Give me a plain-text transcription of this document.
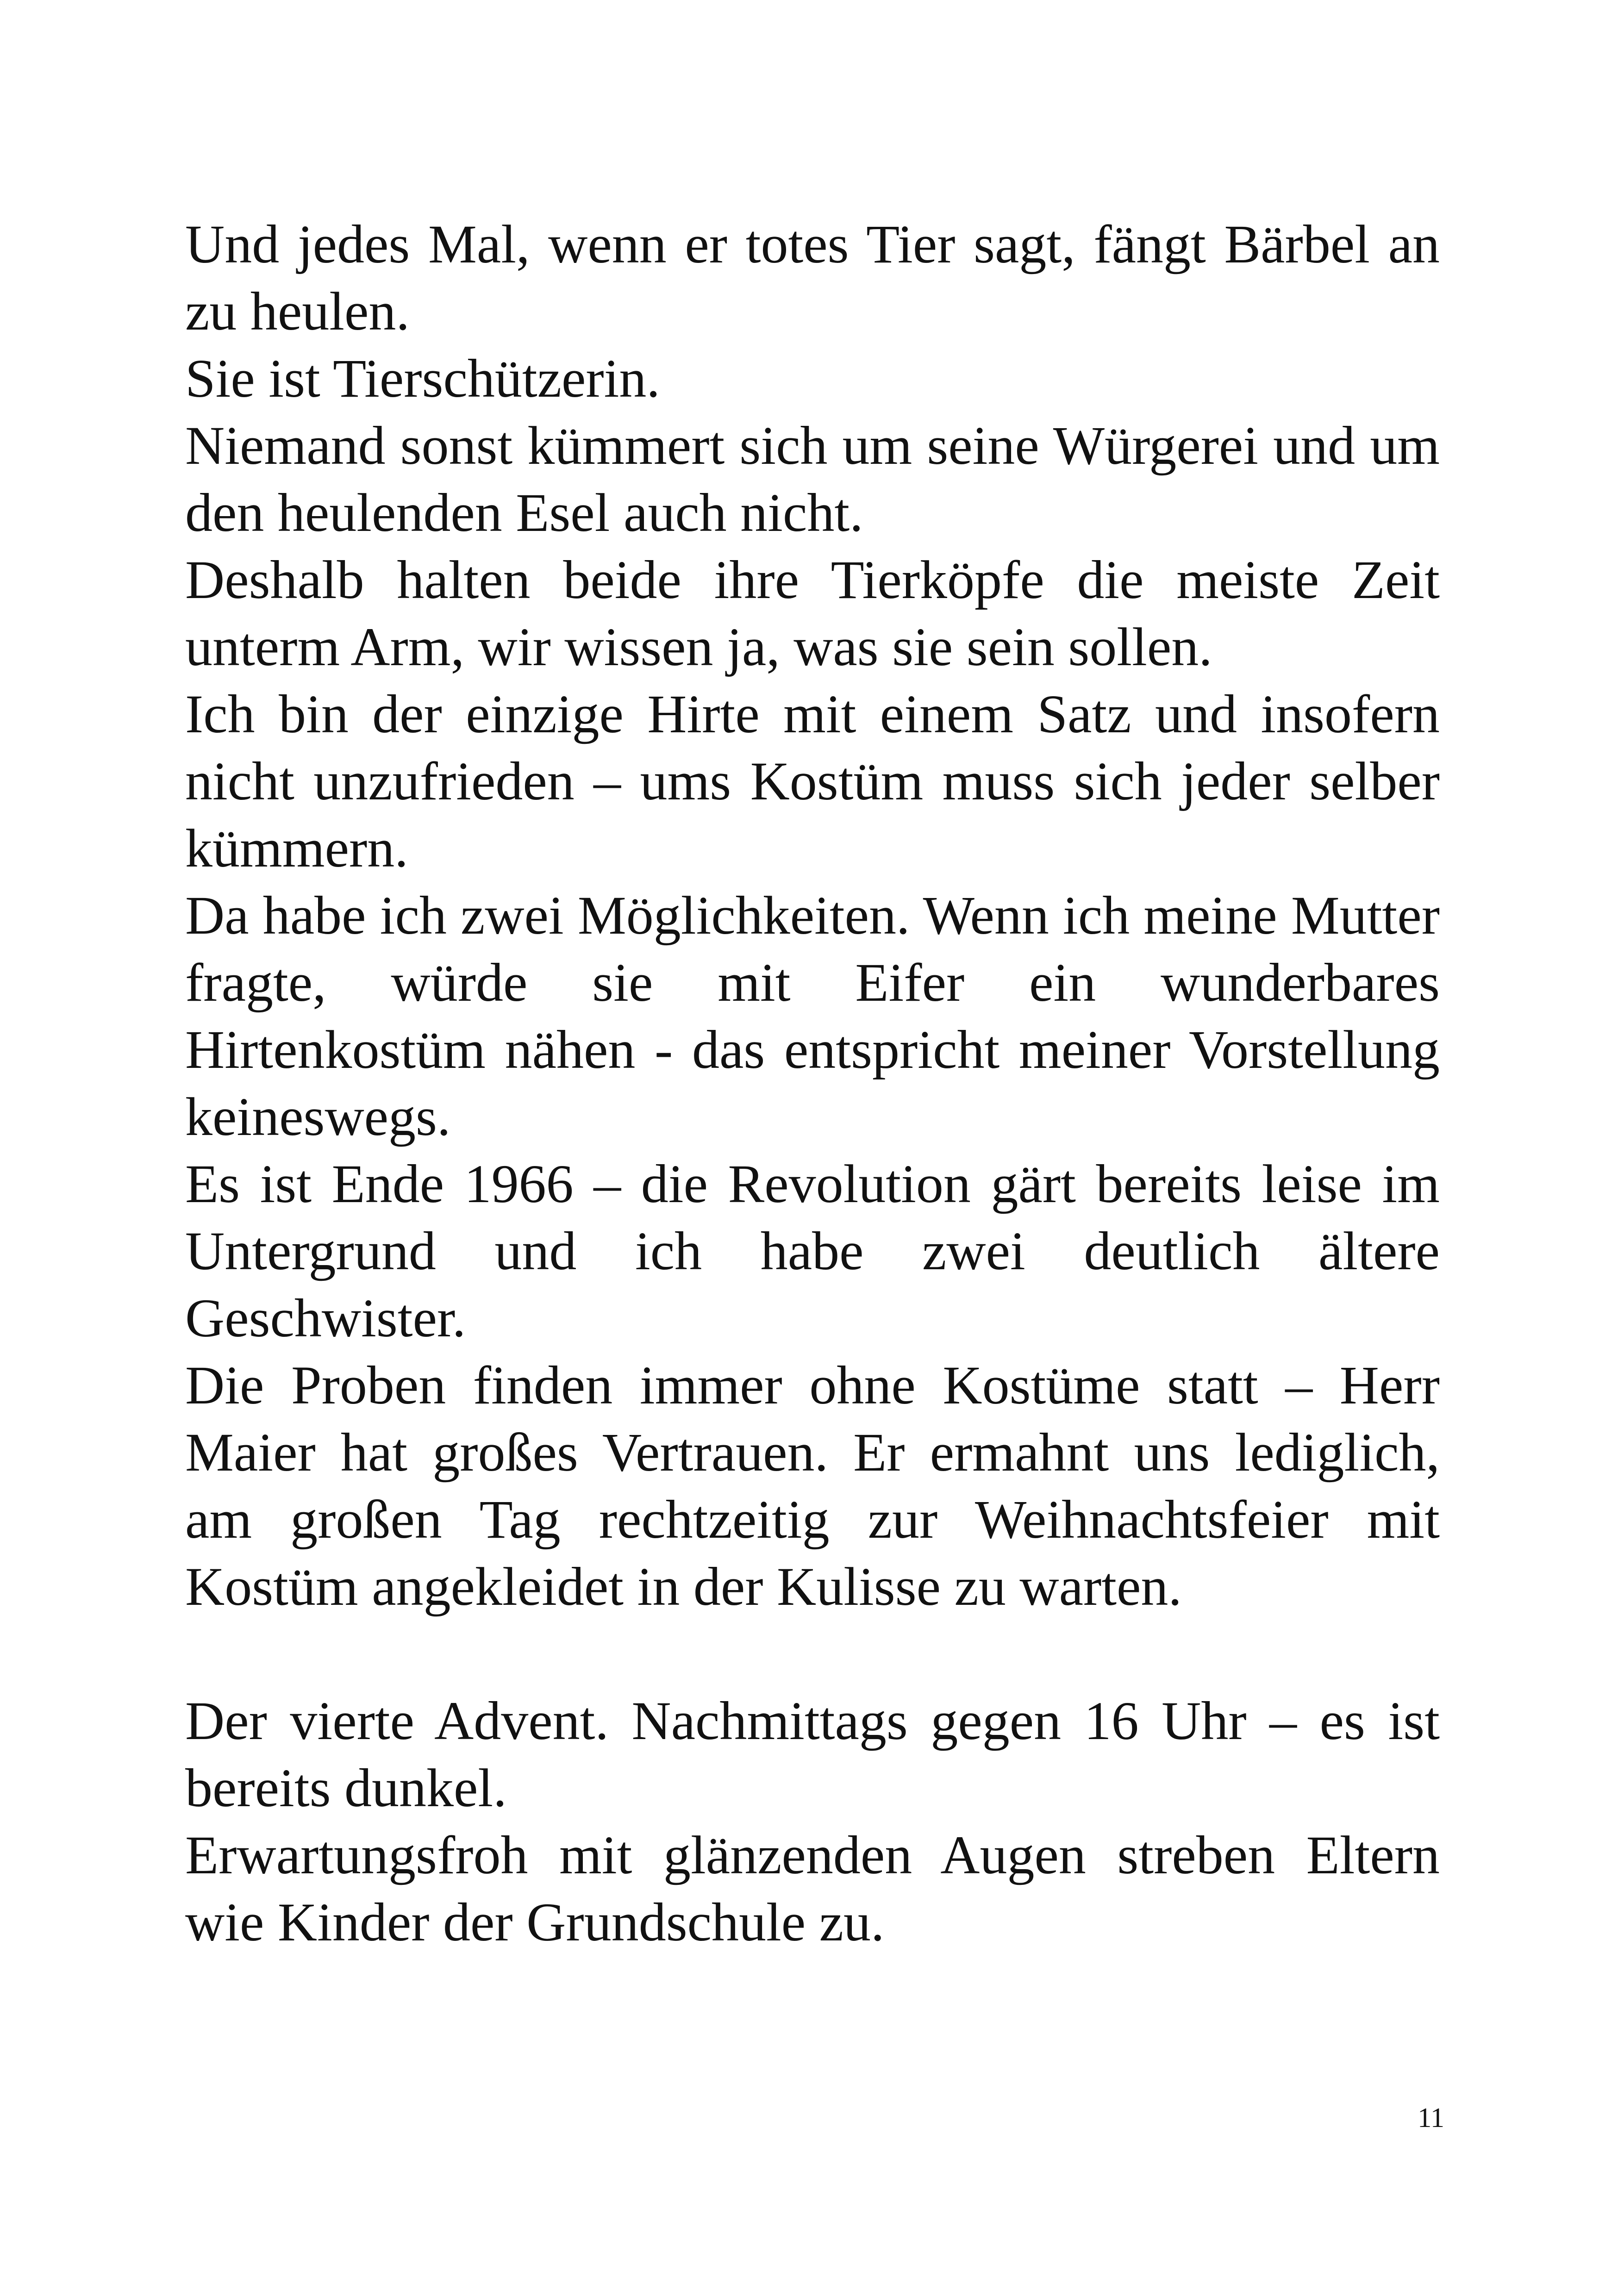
Und jedes Mal, wenn er totes Tier sagt, fängt Bärbel an zu heulen.

Sie ist Tierschützerin.

Niemand sonst kümmert sich um seine Würgerei und um den heulenden Esel auch nicht.

Deshalb halten beide ihre Tierköpfe die meiste Zeit unterm Arm, wir wissen ja, was sie sein sollen.

Ich bin der einzige Hirte mit einem Satz und insofern nicht unzufrieden – ums Kostüm muss sich jeder selber kümmern.

Da habe ich zwei Möglichkeiten. Wenn ich meine Mutter fragte, würde sie mit Eifer ein wunderbares Hirtenkostüm nähen - das entspricht meiner Vorstellung keineswegs.

Es ist Ende 1966 – die Revolution gärt bereits leise im Untergrund und ich habe zwei deutlich ältere Geschwister.

Die Proben finden immer ohne Kostüme statt – Herr Maier hat großes Vertrauen. Er ermahnt uns lediglich, am großen Tag rechtzeitig zur Weihnachtsfeier mit Kostüm angekleidet in der Kulisse zu warten.

Der vierte Advent. Nachmittags gegen 16 Uhr – es ist bereits dunkel.

Erwartungsfroh mit glänzenden Augen streben Eltern wie Kinder der Grundschule zu.

11
